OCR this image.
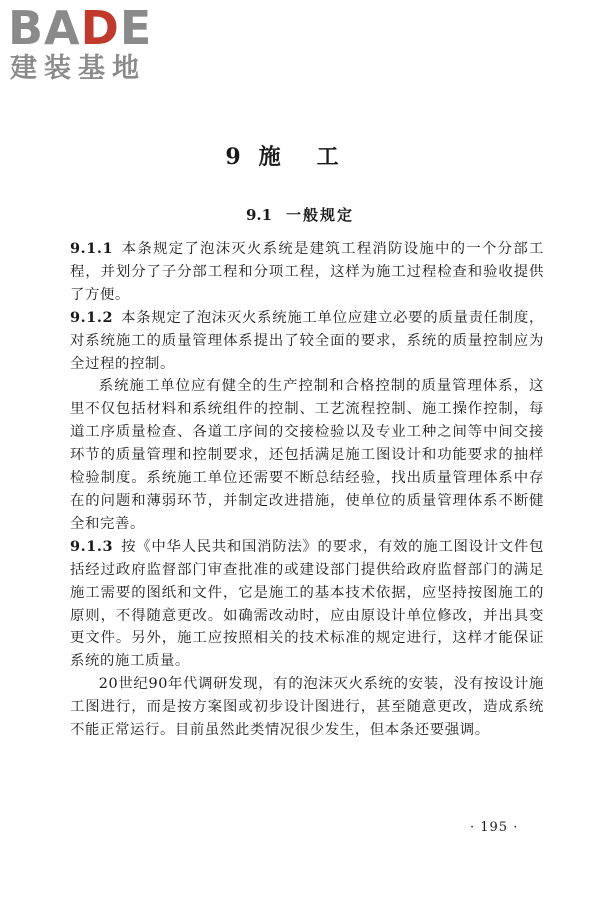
BADE
建装基地
9 施工
9.1 一般规定

9.1.1 本条规定了泡沫灭火系统是建筑工程消防设施中的一个分部工程，并划分了子分部工程和分项工程，这样为施工过程检查和验收提供了方便。

9.1.2 本条规定了泡沫灭火系统施工单位应建立必要的质量责任制度，对系统施工的质量管理体系提出了较全面的要求，系统的质量控制应为全过程的控制。

系统施工单位应有健全的生产控制和合格控制的质量管理体系，这里不仅包括材料和系统组件的控制、工艺流程控制、施工操作控制，每道工序质量检查、各道工序间的交接检验以及专业工种之间等中间交接环节的质量管理和控制要求，还包括满足施工图设计和功能要求的抽样检验制度。系统施工单位还需要不断总结经验，找出质量管理体系中存在的问题和薄弱环节，并制定改进措施，使单位的质量管理体系不断健全和完善。

9.1.3 按《中华人民共和国消防法》的要求，有效的施工图设计文件包括经过政府监督部门审查批准的或建设部门提供给政府监督部门的满足施工需要的图纸和文件，它是施工的基本技术依据，应坚持按图施工的原则，不得随意更改。如确需改动时，应由原设计单位修改，并出具变更文件。另外，施工应按照相关的技术标准的规定进行，这样才能保证系统的施工质量。

20世纪90年代调研发现，有的泡沫灭火系统的安装，没有按设计施工图进行，而是按方案图或初步设计图进行，甚至随意更改，造成系统不能正常运行。目前虽然此类情况很少发生，但本条还要强调。

· 195 ·
